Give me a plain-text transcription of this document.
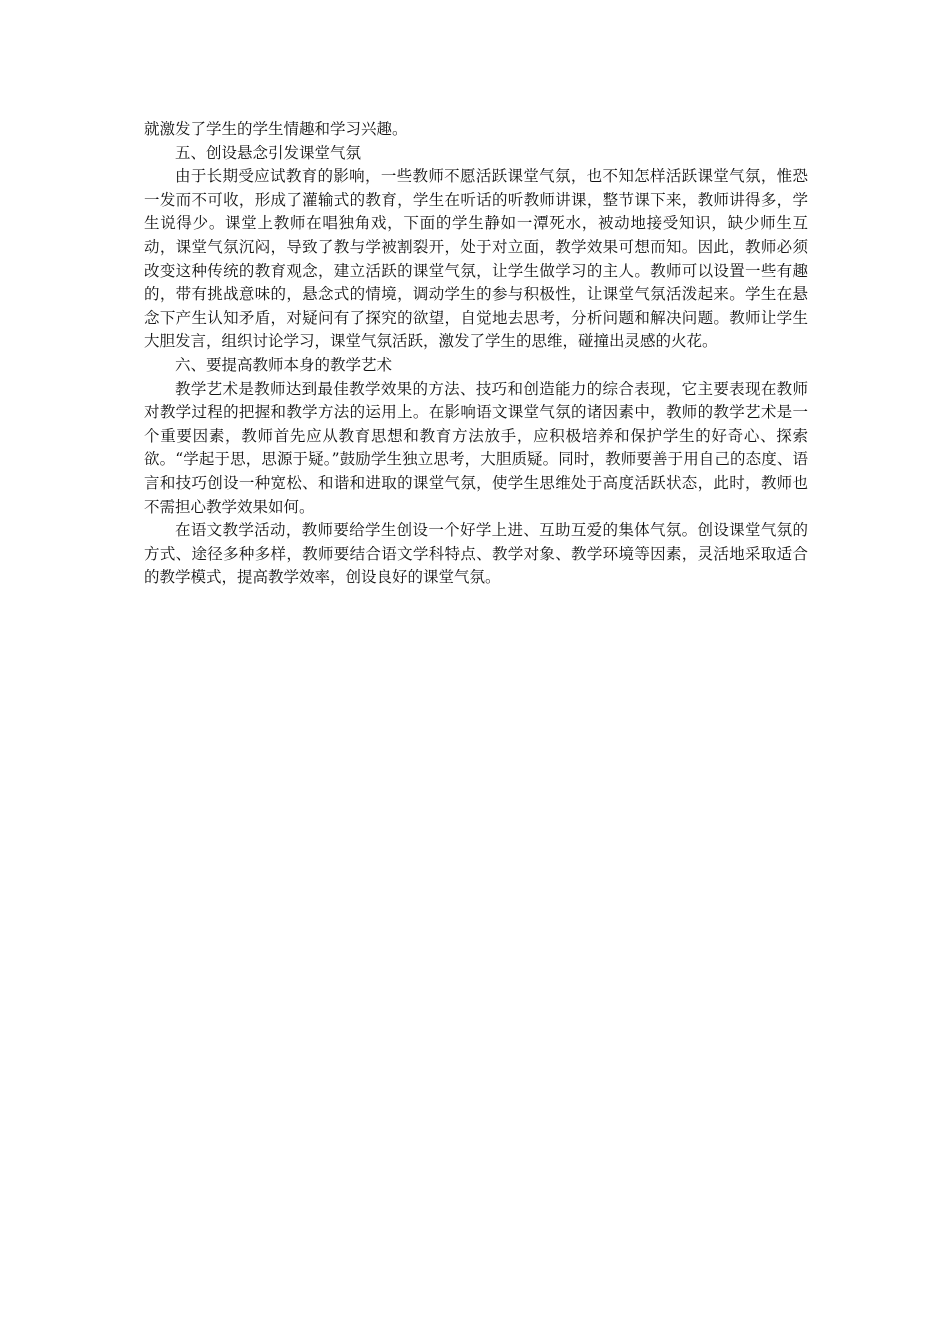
就激发了学生的学生情趣和学习兴趣。

五、创设悬念引发课堂气氛

由于长期受应试教育的影响，一些教师不愿活跃课堂气氛，也不知怎样活跃课堂气氛，惟恐一发而不可收，形成了灌输式的教育，学生在听话的听教师讲课，整节课下来，教师讲得多，学生说得少。课堂上教师在唱独角戏，下面的学生静如一潭死水，被动地接受知识，缺少师生互动，课堂气氛沉闷，导致了教与学被割裂开，处于对立面，教学效果可想而知。因此，教师必须改变这种传统的教育观念，建立活跃的课堂气氛，让学生做学习的主人。教师可以设置一些有趣的，带有挑战意味的，悬念式的情境，调动学生的参与积极性，让课堂气氛活泼起来。学生在悬念下产生认知矛盾，对疑问有了探究的欲望，自觉地去思考，分析问题和解决问题。教师让学生大胆发言，组织讨论学习，课堂气氛活跃，激发了学生的思维，碰撞出灵感的火花。

六、要提高教师本身的教学艺术

教学艺术是教师达到最佳教学效果的方法、技巧和创造能力的综合表现，它主要表现在教师对教学过程的把握和教学方法的运用上。在影响语文课堂气氛的诸因素中，教师的教学艺术是一个重要因素，教师首先应从教育思想和教育方法放手，应积极培养和保护学生的好奇心、探索欲。“学起于思，思源于疑。”鼓励学生独立思考，大胆质疑。同时，教师要善于用自己的态度、语言和技巧创设一种宽松、和谐和进取的课堂气氛，使学生思维处于高度活跃状态，此时，教师也不需担心教学效果如何。

在语文教学活动，教师要给学生创设一个好学上进、互助互爱的集体气氛。创设课堂气氛的方式、途径多种多样，教师要结合语文学科特点、教学对象、教学环境等因素，灵活地采取适合的教学模式，提高教学效率，创设良好的课堂气氛。
